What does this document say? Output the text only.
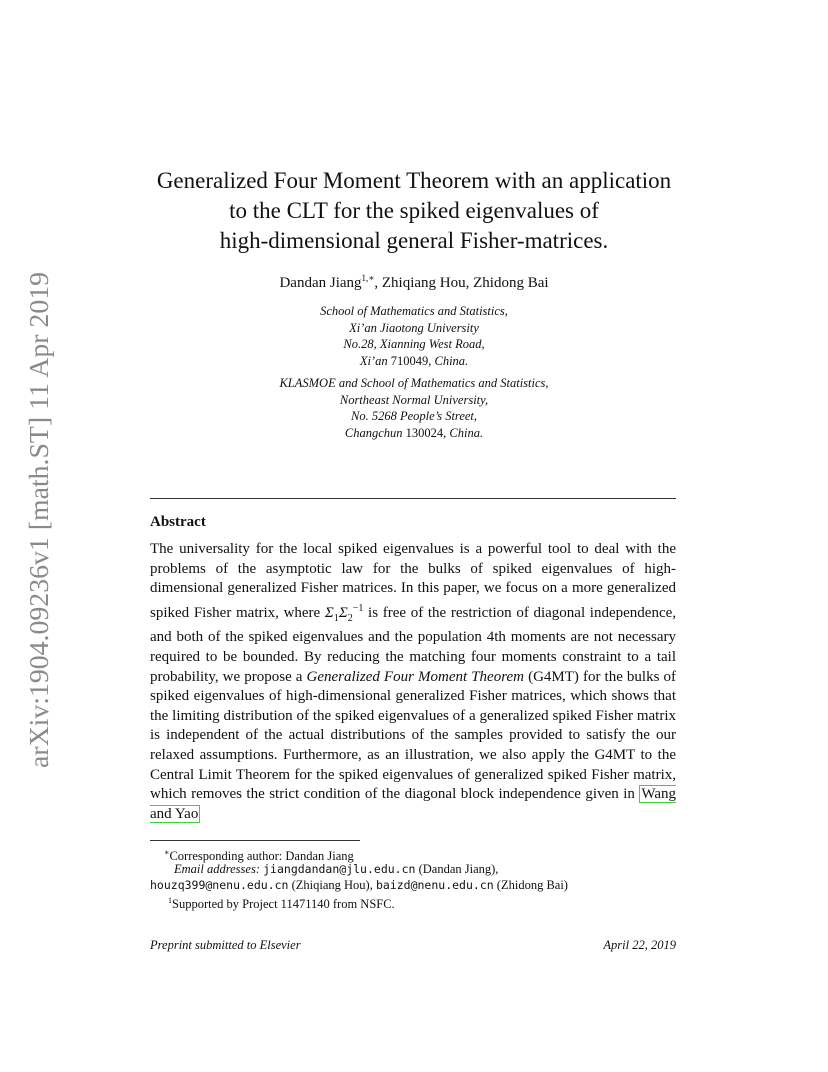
arXiv:1904.09236v1 [math.ST] 11 Apr 2019
Generalized Four Moment Theorem with an application
to the CLT for the spiked eigenvalues of
high-dimensional general Fisher-matrices.
Dandan Jiang$^{1,∗}$, Zhiqiang Hou, Zhidong Bai
School of Mathematics and Statistics,
Xi’an Jiaotong University
No.28, Xianning West Road,
Xi’an 710049, China.
KLASMOE and School of Mathematics and Statistics,
Northeast Normal University,
No. 5268 People’s Street,
Changchun 130024, China.
Abstract

The universality for the local spiked eigenvalues is a powerful tool to deal with the problems of the asymptotic law for the bulks of spiked eigenvalues of high-dimensional generalized Fisher matrices. In this paper, we focus on a more generalized spiked Fisher matrix, where $\Sigma_1\Sigma_2^{-1}$ is free of the restriction of diagonal independence, and both of the spiked eigenvalues and the population 4th moments are not necessary required to be bounded. By reducing the matching four moments constraint to a tail probability, we propose a Generalized Four Moment Theorem (G4MT) for the bulks of spiked eigenvalues of high-dimensional generalized Fisher matrices, which shows that the limiting distribution of the spiked eigenvalues of a generalized spiked Fisher matrix is independent of the actual distributions of the samples provided to satisfy the our relaxed assumptions. Furthermore, as an illustration, we also apply the G4MT to the Central Limit Theorem for the spiked eigenvalues of generalized spiked Fisher matrix, which removes the strict condition of the diagonal block independence given in Wang and Yao

∗Corresponding author: Dandan Jiang
Email addresses: jiangdandan@jlu.edu.cn (Dandan Jiang),
houzq399@nenu.edu.cn (Zhiqiang Hou), baizd@nenu.edu.cn (Zhidong Bai)
$^1$Supported by Project 11471140 from NSFC.
Preprint submitted to Elsevier	April 22, 2019
